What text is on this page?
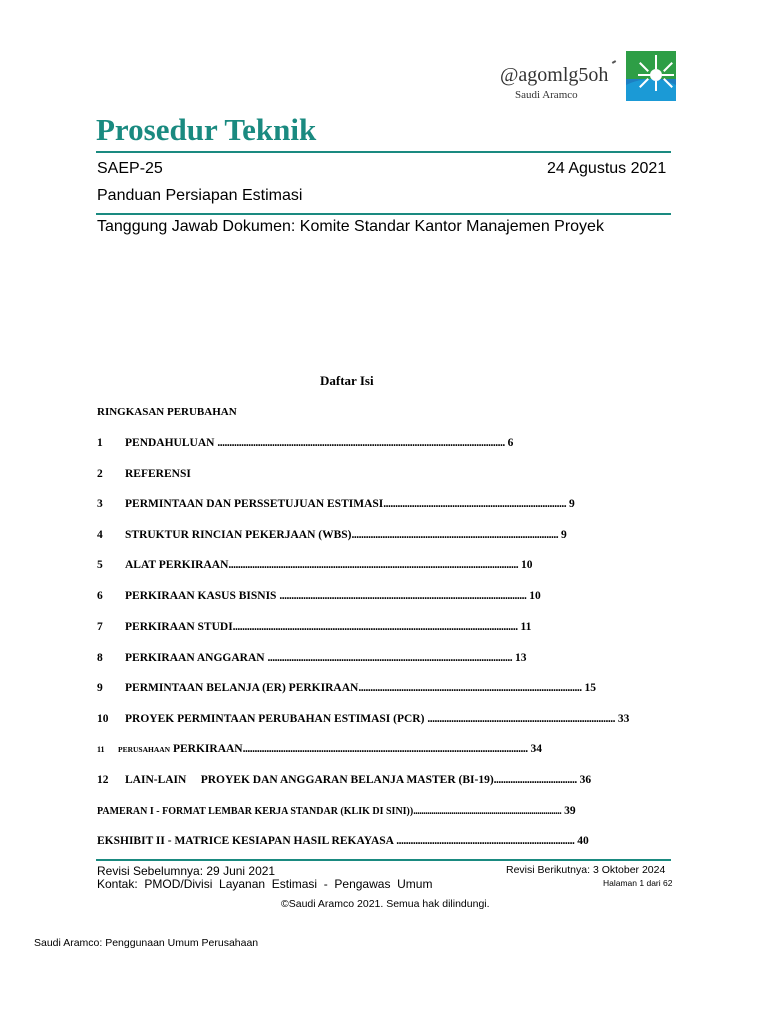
@agomlg5oh
Saudi Aramco
Prosedur Teknik
SAEP-25	24 Agustus 2021
Panduan Persiapan Estimasi
Tanggung Jawab Dokumen: Komite Standar Kantor Manajemen Proyek
Daftar Isi
RINGKASAN PERUBAHAN
1 PENDAHULUAN ......................................................................................................................... 6
2 REFERENSI
3 PERMINTAAN DAN PERSSETUJUAN ESTIMASI............................................................................. 9
4 STRUKTUR RINCIAN PEKERJAAN (WBS)....................................................................................... 9
5 ALAT PERKIRAAN.......................................................................................................................... 10
6 PERKIRAAN KASUS BISNIS ........................................................................................................ 10
7 PERKIRAAN STUDI........................................................................................................................ 11
8 PERKIRAAN ANGGARAN ....................................................................................................... 13
9 PERMINTAAN BELANJA (ER) PERKIRAAN.............................................................................................. 15
10 PROYEK PERMINTAAN PERUBAHAN ESTIMASI (PCR) ............................................................................... 33
11 PERUSAHAAN PERKIRAAN........................................................................................................................ 34
12 LAIN-LAIN     PROYEK DAN ANGGARAN BELANJA MASTER (BI-19)................................... 36
PAMERAN I - FORMAT LEMBAR KERJA STANDAR (KLIK DI SINI)).......................................................................... 39
EKSHIBIT II - MATRICE KESIAPAN HASIL REKAYASA ........................................................................... 40
Revisi Sebelumnya: 29 Juni 2021	Revisi Berikutnya: 3 Oktober 2024
Kontak:  PMOD/Divisi  Layanan  Estimasi  -  Pengawas  Umum	Halaman 1 dari 62
©Saudi Aramco 2021. Semua hak dilindungi.
Saudi Aramco: Penggunaan Umum Perusahaan
